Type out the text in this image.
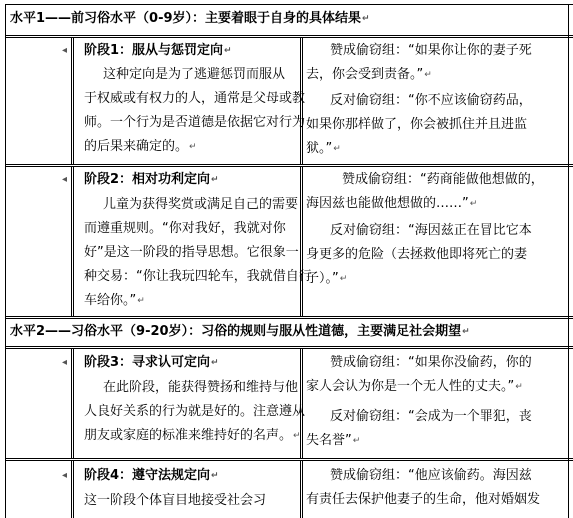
水平1——前习俗水平（0-9岁）：主要着眼于自身的具体结果↵
◂ 阶段1：服从与惩罚定向↵
这种定向是为了逃避惩罚而服从
于权威或有权力的人，通常是父母或教
师。一个行为是否道德是依据它对行为
的后果来确定的。↵
赞成偷窃组：“如果你让你的妻子死
去，你会受到责备。”↵
反对偷窃组：“你不应该偷窃药品，
如果你那样做了，你会被抓住并且进监
狱。”↵
◂ 阶段2：相对功利定向↵
儿童为获得奖赏或满足自己的需要
而遵重规则。“你对我好，我就对你
好”是这一阶段的指导思想。它很象一
种交易：“你让我玩四轮车，我就借自行
车给你。”↵
赞成偷窃组：“药商能做他想做的，
海因兹也能做他想做的……”↵
反对偷窃组：“海因兹正在冒比它本
身更多的危险（去拯救他即将死亡的妻
子）。”↵
水平2——习俗水平（9-20岁）：习俗的规则与服从性道德，主要满足社会期望↵
◂ 阶段3：寻求认可定向↵
在此阶段，能获得赞扬和维持与他
人良好关系的行为就是好的。注意遵从
朋友或家庭的标准来维持好的名声。↵
赞成偷窃组：“如果你没偷药，你的
家人会认为你是一个无人性的丈夫。”↵
反对偷窃组：“会成为一个罪犯，丧
失名誉”↵
◂ 阶段4：遵守法规定向↵
这一阶段个体盲目地接受社会习
赞成偷窃组：“他应该偷药。海因兹
有责任去保护他妻子的生命，他对婚姻发
